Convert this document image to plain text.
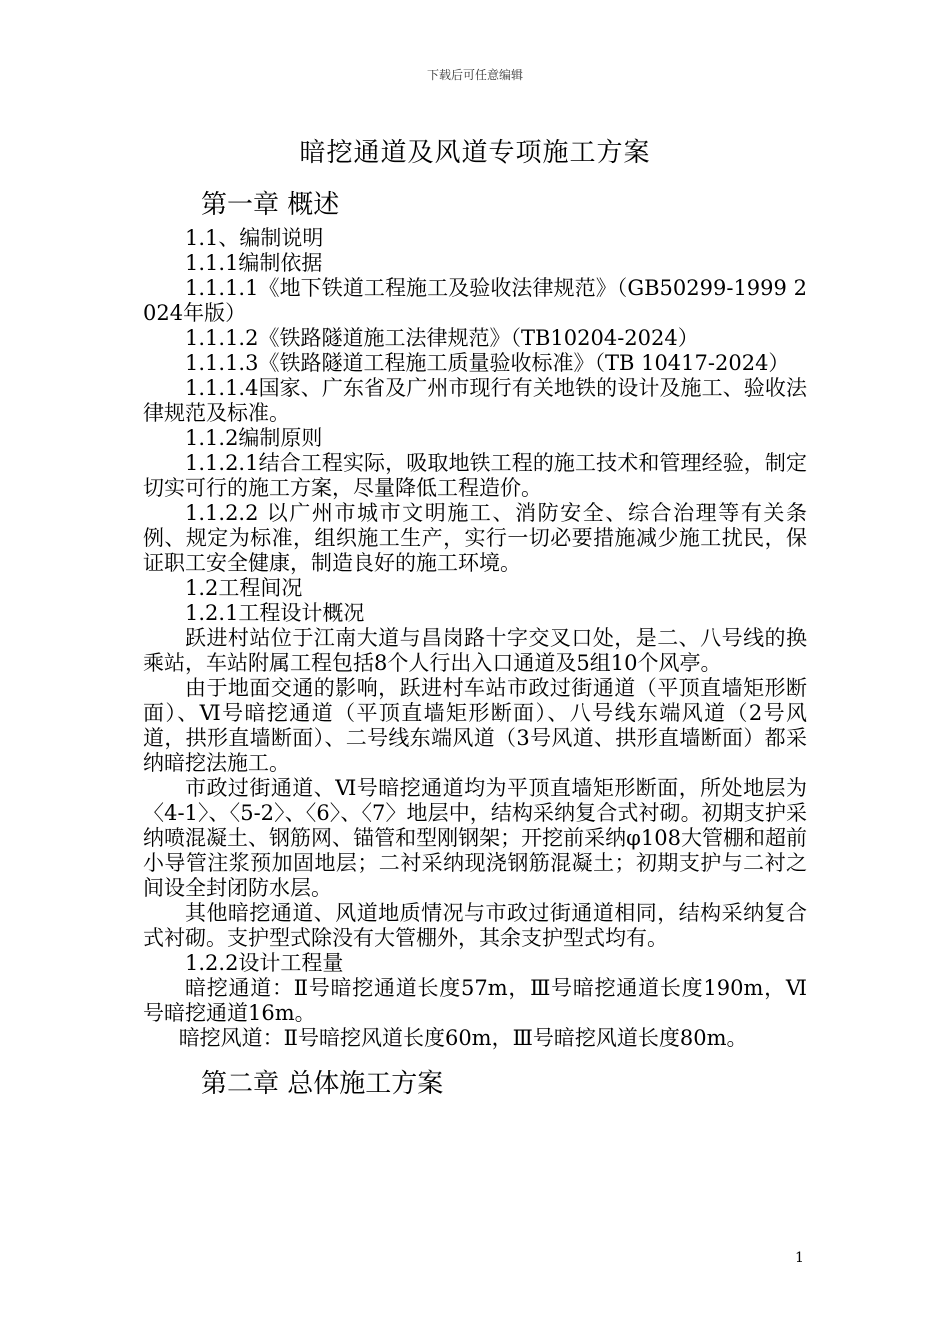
下载后可任意编辑
暗挖通道及风道专项施工方案
第一章 概述

1.1、编制说明

1.1.1编制依据

1.1.1.1《地下铁道工程施工及验收法律规范》（GB50299-1999 2024年版）

1.1.1.2《铁路隧道施工法律规范》（TB10204-2024）

1.1.1.3《铁路隧道工程施工质量验收标准》（TB 10417-2024）

1.1.1.4国家、广东省及广州市现行有关地铁的设计及施工、验收法律规范及标准。

1.1.2编制原则

1.1.2.1结合工程实际，吸取地铁工程的施工技术和管理经验，制定切实可行的施工方案，尽量降低工程造价。

1.1.2.2 以广州市城市文明施工、消防安全、综合治理等有关条例、规定为标准，组织施工生产，实行一切必要措施减少施工扰民，保证职工安全健康，制造良好的施工环境。

1.2工程间况

1.2.1工程设计概况

跃进村站位于江南大道与昌岗路十字交叉口处，是二、八号线的换乘站，车站附属工程包括8个人行出入口通道及5组10个风亭。

由于地面交通的影响，跃进村车站市政过街通道（平顶直墙矩形断面）、Ⅵ号暗挖通道（平顶直墙矩形断面）、八号线东端风道（2号风道，拱形直墙断面）、二号线东端风道（3号风道、拱形直墙断面）都采纳暗挖法施工。

市政过街通道、Ⅵ号暗挖通道均为平顶直墙矩形断面，所处地层为〈4-1〉、〈5-2〉、〈6〉、〈7〉地层中，结构采纳复合式衬砌。初期支护采纳喷混凝土、钢筋网、锚管和型刚钢架；开挖前采纳φ108大管棚和超前小导管注浆预加固地层；二衬采纳现浇钢筋混凝土；初期支护与二衬之间设全封闭防水层。

其他暗挖通道、风道地质情况与市政过街通道相同，结构采纳复合式衬砌。支护型式除没有大管棚外，其余支护型式均有。

1.2.2设计工程量

暗挖通道：Ⅱ号暗挖通道长度57m，Ⅲ号暗挖通道长度190m，Ⅵ号暗挖通道16m。

暗挖风道：Ⅱ号暗挖风道长度60m，Ⅲ号暗挖风道长度80m。

第二章 总体施工方案
1
